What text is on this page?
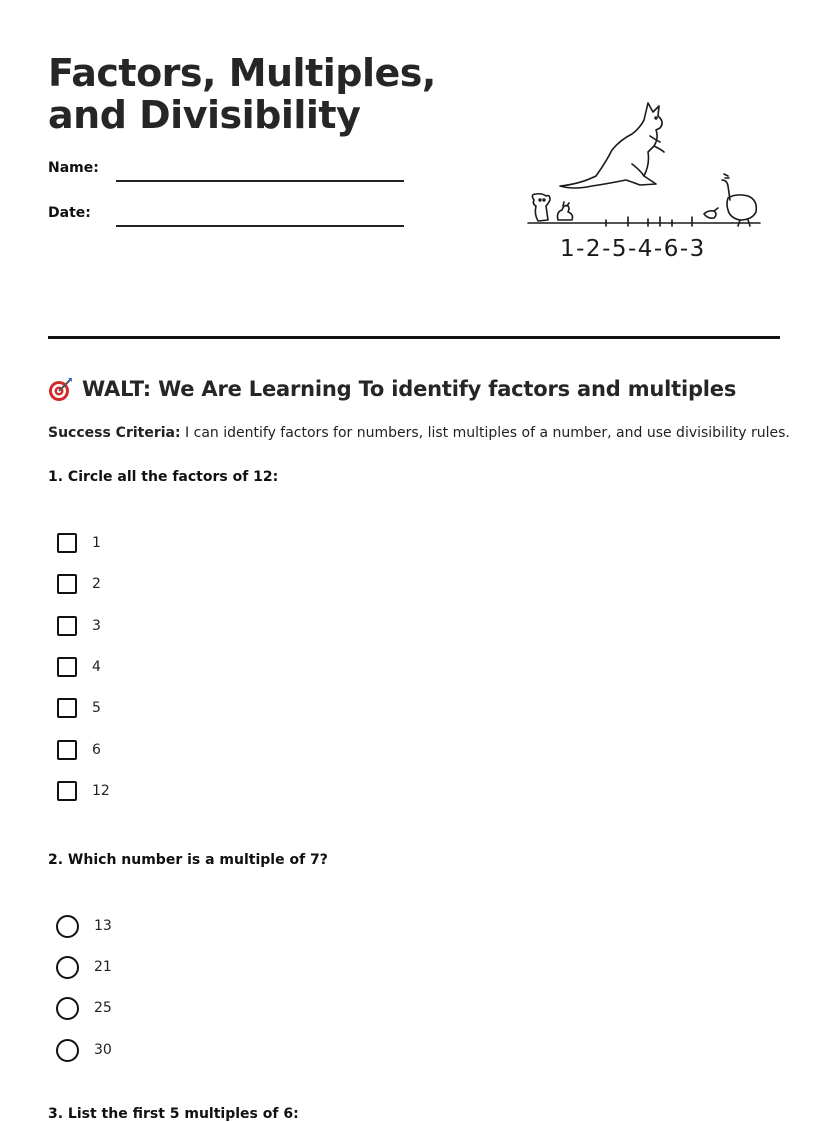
Factors, Multiples, and Divisibility
Name:
Date:
1-2-5-4-6-3
WALT: We Are Learning To identify factors and multiples
Success Criteria: I can identify factors for numbers, list multiples of a number, and use divisibility rules.
1. Circle all the factors of 12:
1
2
3
4
5
6
12
2. Which number is a multiple of 7?
13
21
25
30
3. List the first 5 multiples of 6:
